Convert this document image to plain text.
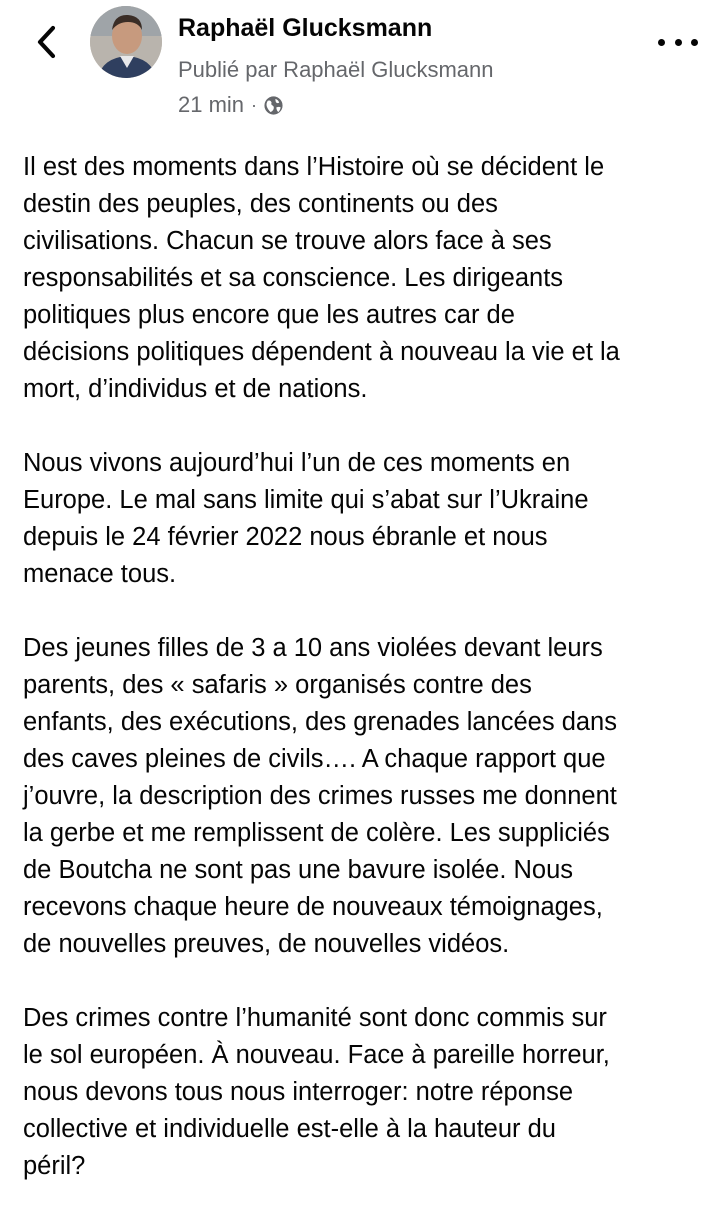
Raphaël Glucksmann
Publié par Raphaël Glucksmann
21 min ·

Il est des moments dans l’Histoire où se décident le
destin des peuples, des continents ou des
civilisations. Chacun se trouve alors face à ses
responsabilités et sa conscience. Les dirigeants
politiques plus encore que les autres car de
décisions politiques dépendent à nouveau la vie et la
mort, d’individus et de nations.

Nous vivons aujourd’hui l’un de ces moments en
Europe. Le mal sans limite qui s’abat sur l’Ukraine
depuis le 24 février 2022 nous ébranle et nous
menace tous.

Des jeunes filles de 3 a 10 ans violées devant leurs
parents, des « safaris » organisés contre des
enfants, des exécutions, des grenades lancées dans
des caves pleines de civils…. A chaque rapport que
j’ouvre, la description des crimes russes me donnent
la gerbe et me remplissent de colère. Les suppliciés
de Boutcha ne sont pas une bavure isolée. Nous
recevons chaque heure de nouveaux témoignages,
de nouvelles preuves, de nouvelles vidéos.

Des crimes contre l’humanité sont donc commis sur
le sol européen. À nouveau. Face à pareille horreur,
nous devons tous nous interroger: notre réponse
collective et individuelle est-elle à la hauteur du
péril?
